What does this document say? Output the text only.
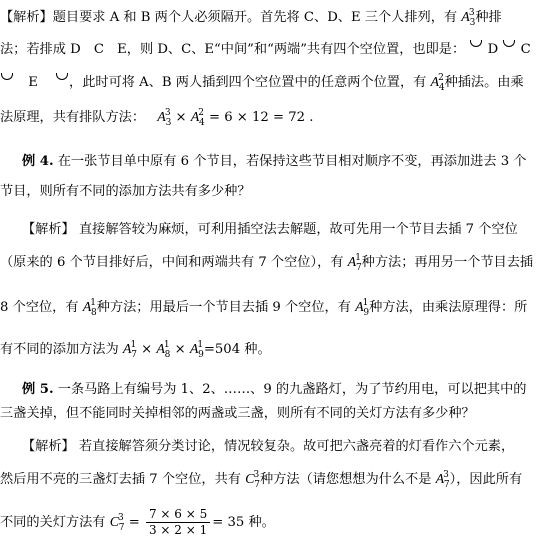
【解析】题目要求 A 和 B 两个人必须隔开。首先将 C、D、E 三个人排列，有 $A^3_3$种排
法；若排成 D　C　E，则 D、C、E“中间”和“两端”共有四个空位置，也即是： D C
E ，此时可将 A、B 两人插到四个空位置中的任意两个位置，有 $A^2_4$种插法。由乘
法原理，共有排队方法： $A^3_3 \times A^2_4 = 6 \times 12 = 72$ .
例 4. 在一张节目单中原有 6 个节目，若保持这些节目相对顺序不变，再添加进去 3 个
节目，则所有不同的添加方法共有多少种？
【解析】 直接解答较为麻烦，可利用插空法去解题，故可先用一个节目去插 7 个空位
（原来的 6 个节目排好后，中间和两端共有 7 个空位），有 $A^1_7$种方法；再用另一个节目去插
8 个空位，有 $A^1_8$种方法；用最后一个节目去插 9 个空位，有 $A^1_9$种方法，由乘法原理得：所
有不同的添加方法为 $A^1_7 \times A^1_8 \times A^1_9=504$ 种。
例 5. 一条马路上有编号为 1、2、……、9 的九盏路灯，为了节约用电，可以把其中的
三盏关掉，但不能同时关掉相邻的两盏或三盏，则所有不同的关灯方法有多少种？
【解析】 若直接解答须分类讨论，情况较复杂。故可把六盏亮着的灯看作六个元素，
然后用不亮的三盏灯去插 7 个空位，共有 $C^3_7$种方法（请您想想为什么不是 $A^3_7$），因此所有
不同的关灯方法有 $C^3_7 = \frac{7 \times 6 \times 5}{3 \times 2 \times 1} = 35$ 种。
